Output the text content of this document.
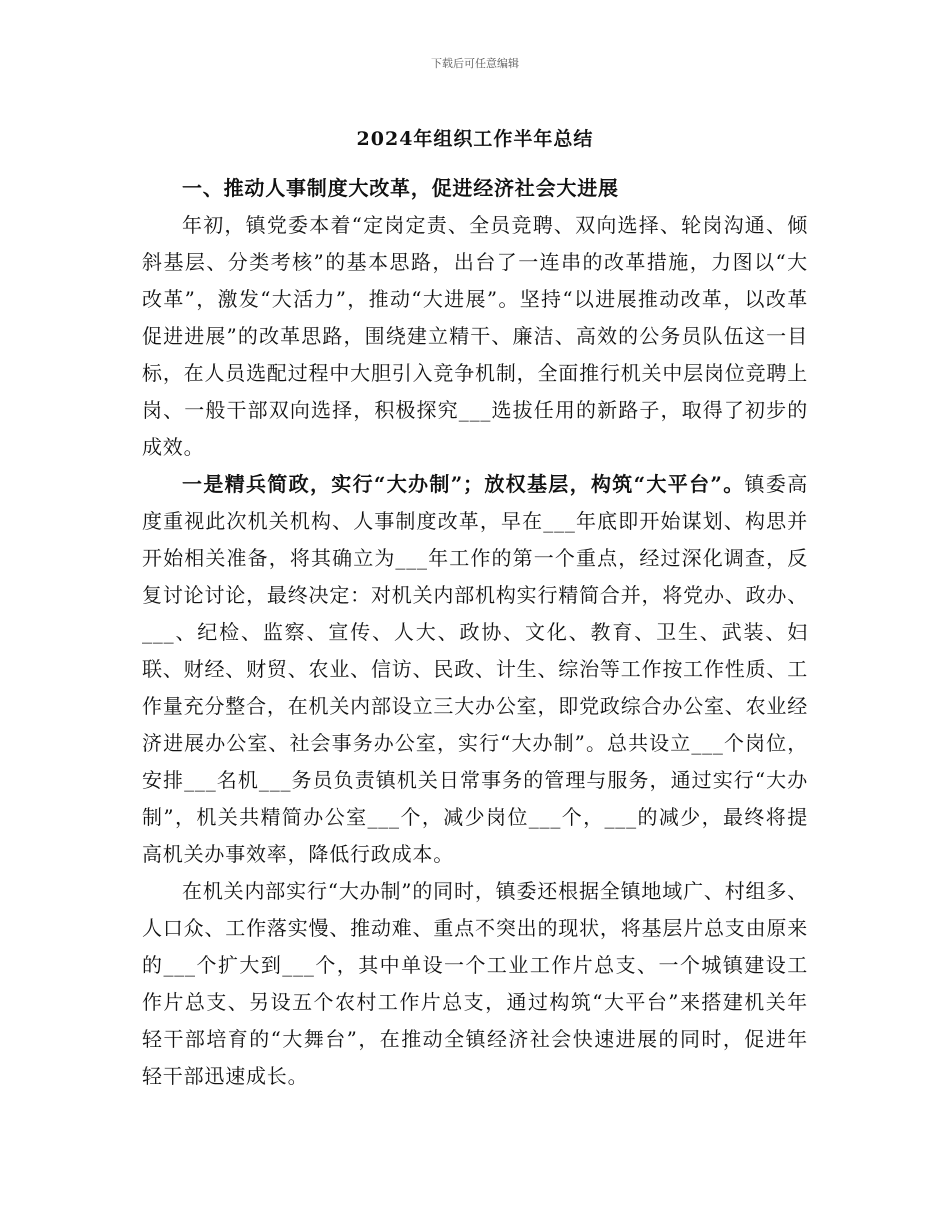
下载后可任意编辑
2024年组织工作半年总结

一、推动人事制度大改革，促进经济社会大进展

年初，镇党委本着“定岗定责、全员竞聘、双向选择、轮岗沟通、倾斜基层、分类考核”的基本思路，出台了一连串的改革措施，力图以“大改革”，激发“大活力”，推动“大进展”。坚持“以进展推动改革，以改革促进进展”的改革思路，围绕建立精干、廉洁、高效的公务员队伍这一目标，在人员选配过程中大胆引入竞争机制，全面推行机关中层岗位竞聘上岗、一般干部双向选择，积极探究___选拔任用的新路子，取得了初步的成效。

一是精兵简政，实行“大办制”；放权基层，构筑“大平台”。镇委高度重视此次机关机构、人事制度改革，早在___年底即开始谋划、构思并开始相关准备，将其确立为___年工作的第一个重点，经过深化调查，反复讨论讨论，最终决定：对机关内部机构实行精简合并，将党办、政办、___、纪检、监察、宣传、人大、政协、文化、教育、卫生、武装、妇联、财经、财贸、农业、信访、民政、计生、综治等工作按工作性质、工作量充分整合，在机关内部设立三大办公室，即党政综合办公室、农业经济进展办公室、社会事务办公室，实行“大办制”。总共设立___个岗位，安排___名机___务员负责镇机关日常事务的管理与服务，通过实行“大办制”，机关共精简办公室___个，减少岗位___个，___的减少，最终将提高机关办事效率，降低行政成本。

在机关内部实行“大办制”的同时，镇委还根据全镇地域广、村组多、人口众、工作落实慢、推动难、重点不突出的现状，将基层片总支由原来的___个扩大到___个，其中单设一个工业工作片总支、一个城镇建设工作片总支、另设五个农村工作片总支，通过构筑“大平台”来搭建机关年轻干部培育的“大舞台”，在推动全镇经济社会快速进展的同时，促进年轻干部迅速成长。
